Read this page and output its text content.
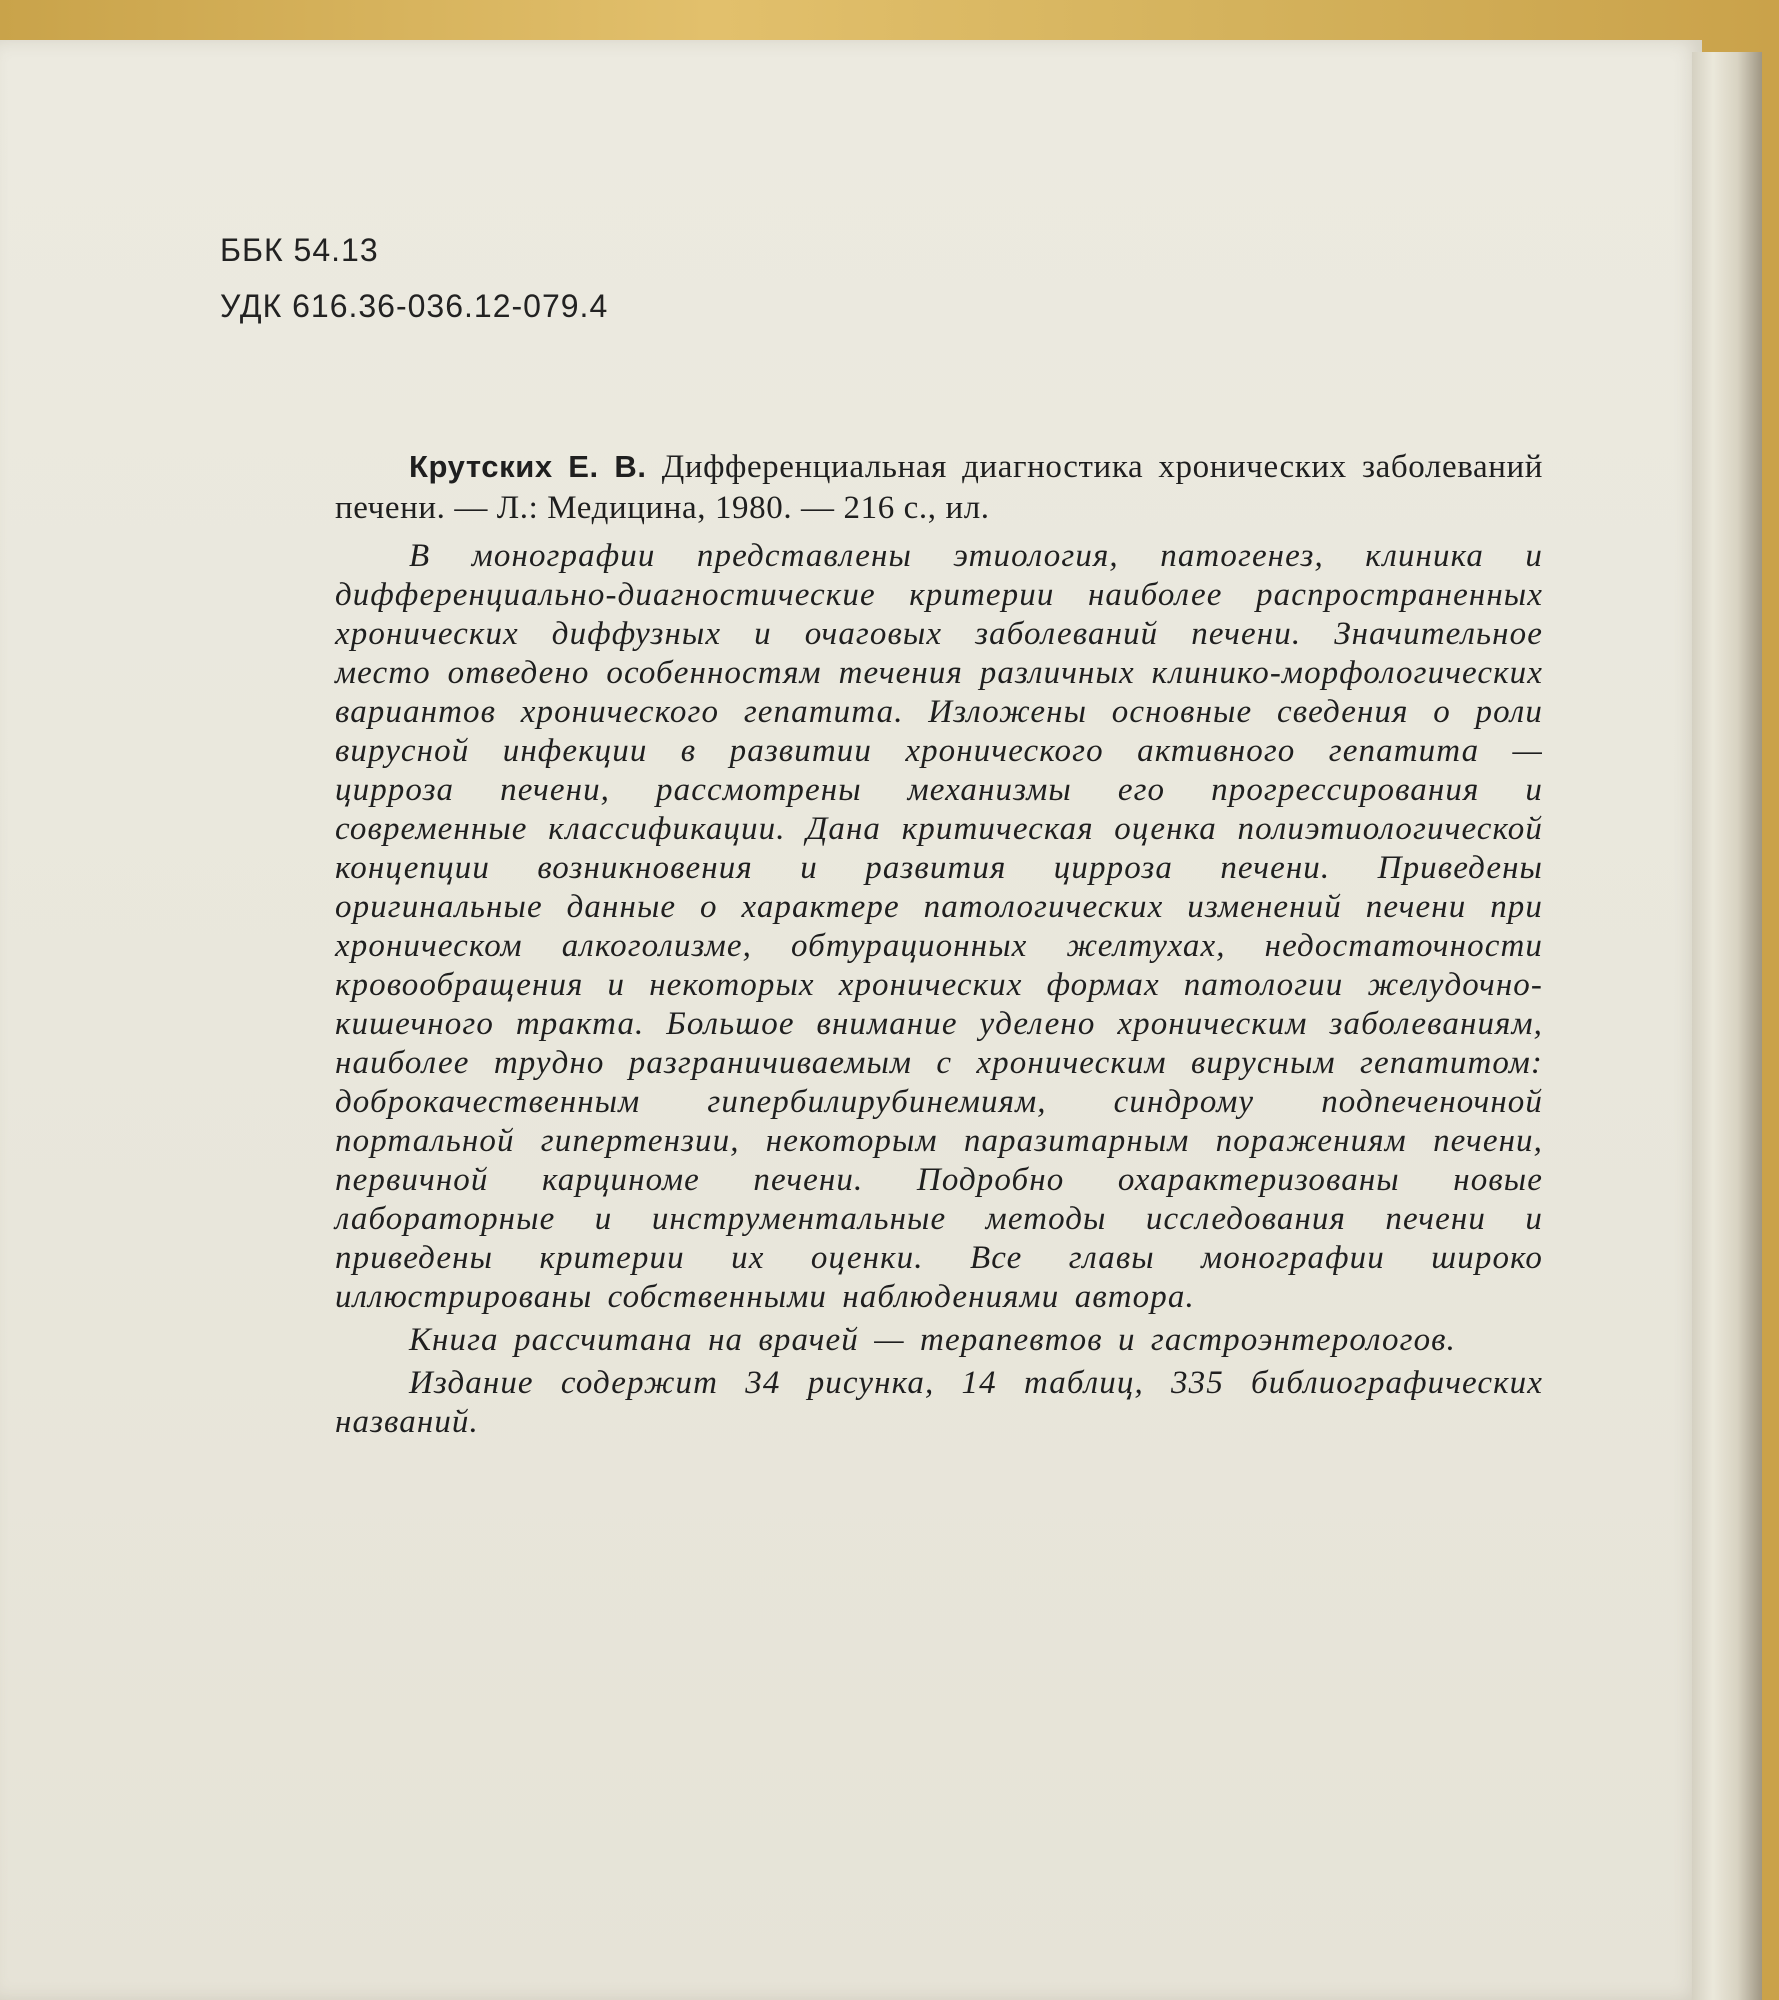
ББК 54.13
УДК 616.36-036.12-079.4
Крутских Е. В. Дифференциальная диагностика хронических заболеваний печени. — Л.: Медицина, 1980. — 216 с., ил.

В монографии представлены этиология, патогенез, клиника и дифференциально-диагностические критерии наиболее распространенных хронических диффузных и очаговых заболеваний печени. Значительное место отведено особенностям течения различных клинико-морфологических вариантов хронического гепатита. Изложены основные сведения о роли вирусной инфекции в развитии хронического активного гепатита — цирроза печени, рассмотрены механизмы его прогрессирования и современные классификации. Дана критическая оценка полиэтиологической концепции возникновения и развития цирроза печени. Приведены оригинальные данные о характере патологических изменений печени при хроническом алкоголизме, обтурационных желтухах, недостаточности кровообращения и некоторых хронических формах патологии желудочно-кишечного тракта. Большое внимание уделено хроническим заболеваниям, наиболее трудно разграничиваемым с хроническим вирусным гепатитом: доброкачественным гипербилирубинемиям, синдрому подпеченочной портальной гипертензии, некоторым паразитарным поражениям печени, первичной карциноме печени. Подробно охарактеризованы новые лабораторные и инструментальные методы исследования печени и приведены критерии их оценки. Все главы монографии широко иллюстрированы собственными наблюдениями автора.

Книга рассчитана на врачей — терапевтов и гастроэнтерологов.

Издание содержит 34 рисунка, 14 таблиц, 335 библиографических названий.
